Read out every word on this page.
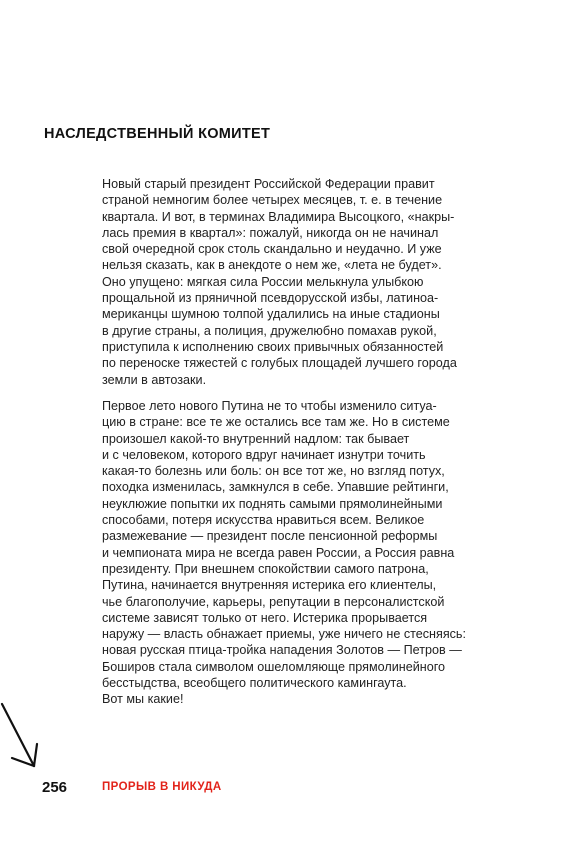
НАСЛЕДСТВЕННЫЙ КОМИТЕТ
Новый старый президент Российской Федерации правит
страной немногим более четырех месяцев, т. е. в течение
квартала. И вот, в терминах Владимира Высоцкого, «накры-
лась премия в квартал»: пожалуй, никогда он не начинал
свой очередной срок столь скандально и неудачно. И уже
нельзя сказать, как в анекдоте о нем же, «лета не будет».
Оно упущено: мягкая сила России мелькнула улыбкою
прощальной из пряничной псевдорусской избы, латиноа-
мериканцы шумною толпой удалились на иные стадионы
в другие страны, а полиция, дружелюбно помахав рукой,
приступила к исполнению своих привычных обязанностей
по переноске тяжестей с голубых площадей лучшего города
земли в автозаки.
Первое лето нового Путина не то чтобы изменило ситуа-
цию в стране: все те же остались все там же. Но в системе
произошел какой-то внутренний надлом: так бывает
и с человеком, которого вдруг начинает изнутри точить
какая-то болезнь или боль: он все тот же, но взгляд потух,
походка изменилась, замкнулся в себе. Упавшие рейтинги,
неуклюжие попытки их поднять самыми прямолинейными
способами, потеря искусства нравиться всем. Великое
размежевание — президент после пенсионной реформы
и чемпионата мира не всегда равен России, а Россия равна
президенту. При внешнем спокойствии самого патрона,
Путина, начинается внутренняя истерика его клиентелы,
чье благополучие, карьеры, репутации в персоналистской
системе зависят только от него. Истерика прорывается
наружу — власть обнажает приемы, уже ничего не стесняясь:
новая русская птица-тройка нападения Золотов — Петров —
Боширов стала символом ошеломляюще прямолинейного
бесстыдства, всеобщего политического камингаута.
Вот мы какие!
256	ПРОРЫВ В НИКУДА
